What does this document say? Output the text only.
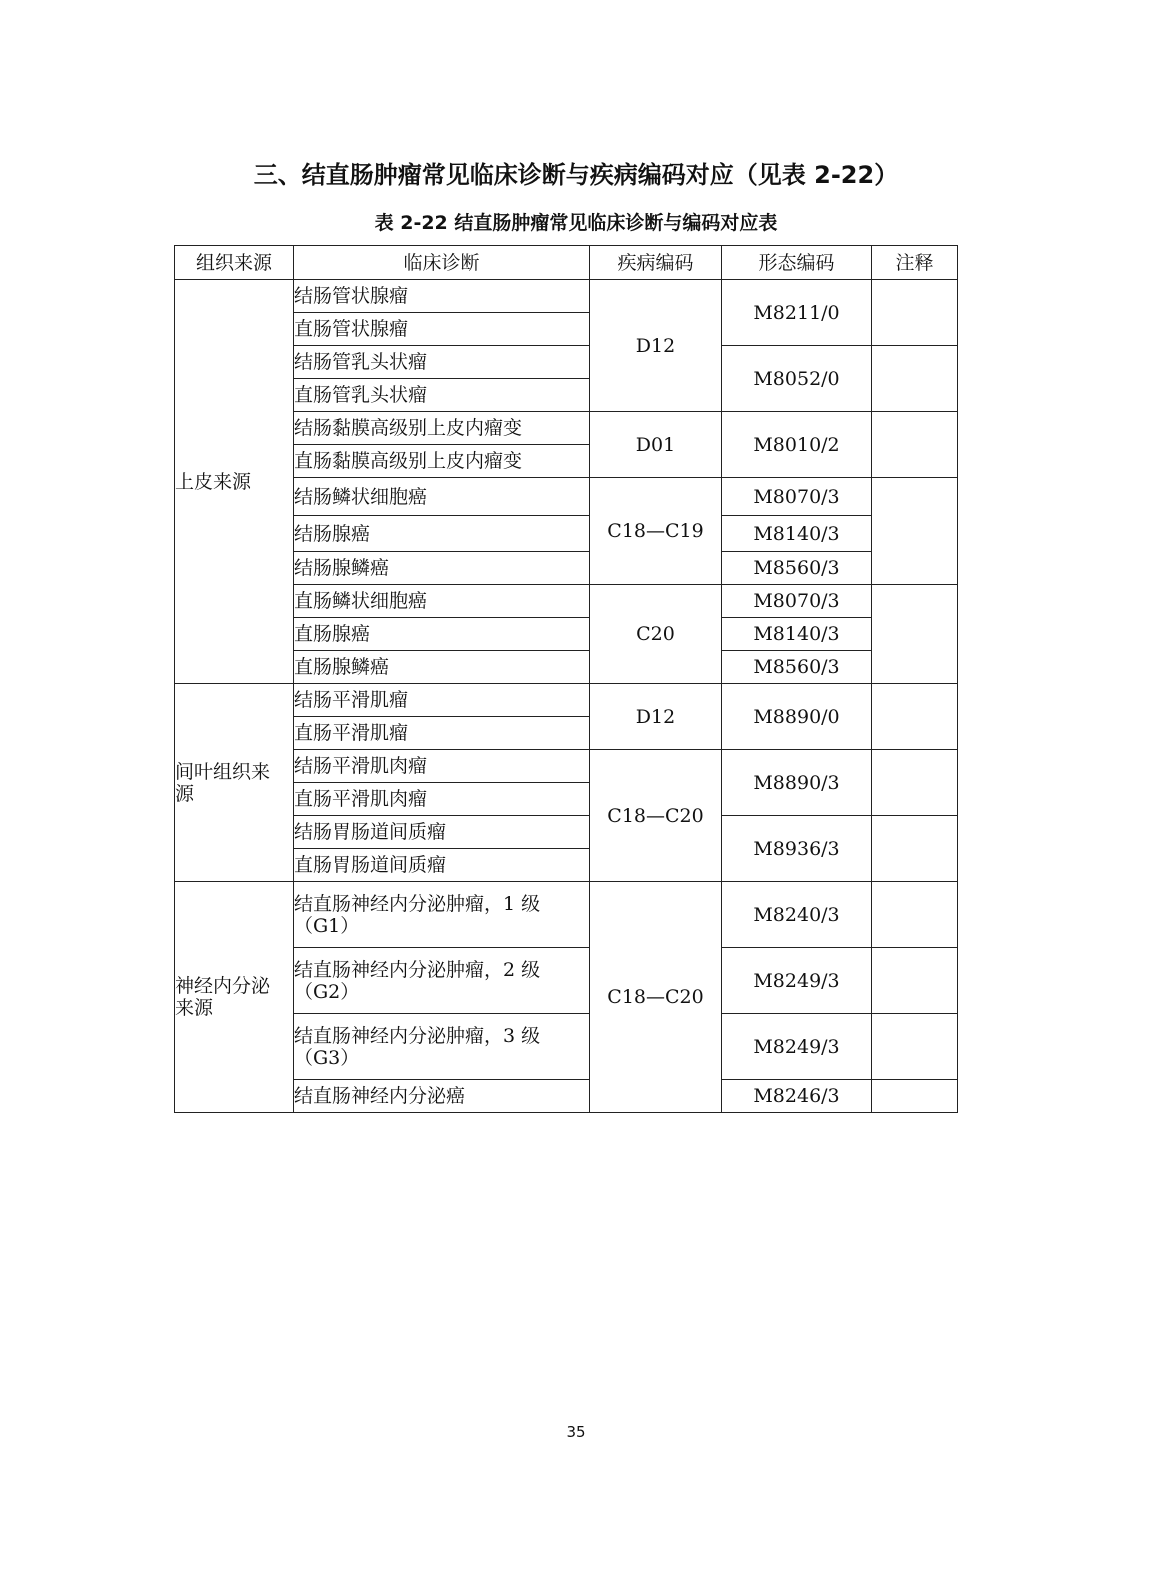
三、结直肠肿瘤常见临床诊断与疾病编码对应（见表 2-22）
表 2-22 结直肠肿瘤常见临床诊断与编码对应表
组织来源	临床诊断	疾病编码	形态编码	注释

上皮来源	结肠管状腺瘤	D12	M8211/0	
	直肠管状腺瘤			
	结肠管乳头状瘤		M8052/0	
	直肠管乳头状瘤			
	结肠黏膜高级别上皮内瘤变	D01	M8010/2	
	直肠黏膜高级别上皮内瘤变			
	结肠鳞状细胞癌	C18—C19	M8070/3	
	结肠腺癌		M8140/3	
	结肠腺鳞癌		M8560/3	
	直肠鳞状细胞癌	C20	M8070/3	
	直肠腺癌		M8140/3	
	直肠腺鳞癌		M8560/3	

间叶组织来源	结肠平滑肌瘤	D12	M8890/0	
	直肠平滑肌瘤			
	结肠平滑肌肉瘤	C18—C20	M8890/3	
	直肠平滑肌肉瘤			
	结肠胃肠道间质瘤		M8936/3	
	直肠胃肠道间质瘤			

神经内分泌来源	结直肠神经内分泌肿瘤，1 级（G1）	C18—C20	M8240/3	

	结直肠神经内分泌肿瘤，2 级（G2）		M8249/3	

	结直肠神经内分泌肿瘤，3 级（G3）		M8249/3	
	结直肠神经内分泌癌		M8246/3	
35
